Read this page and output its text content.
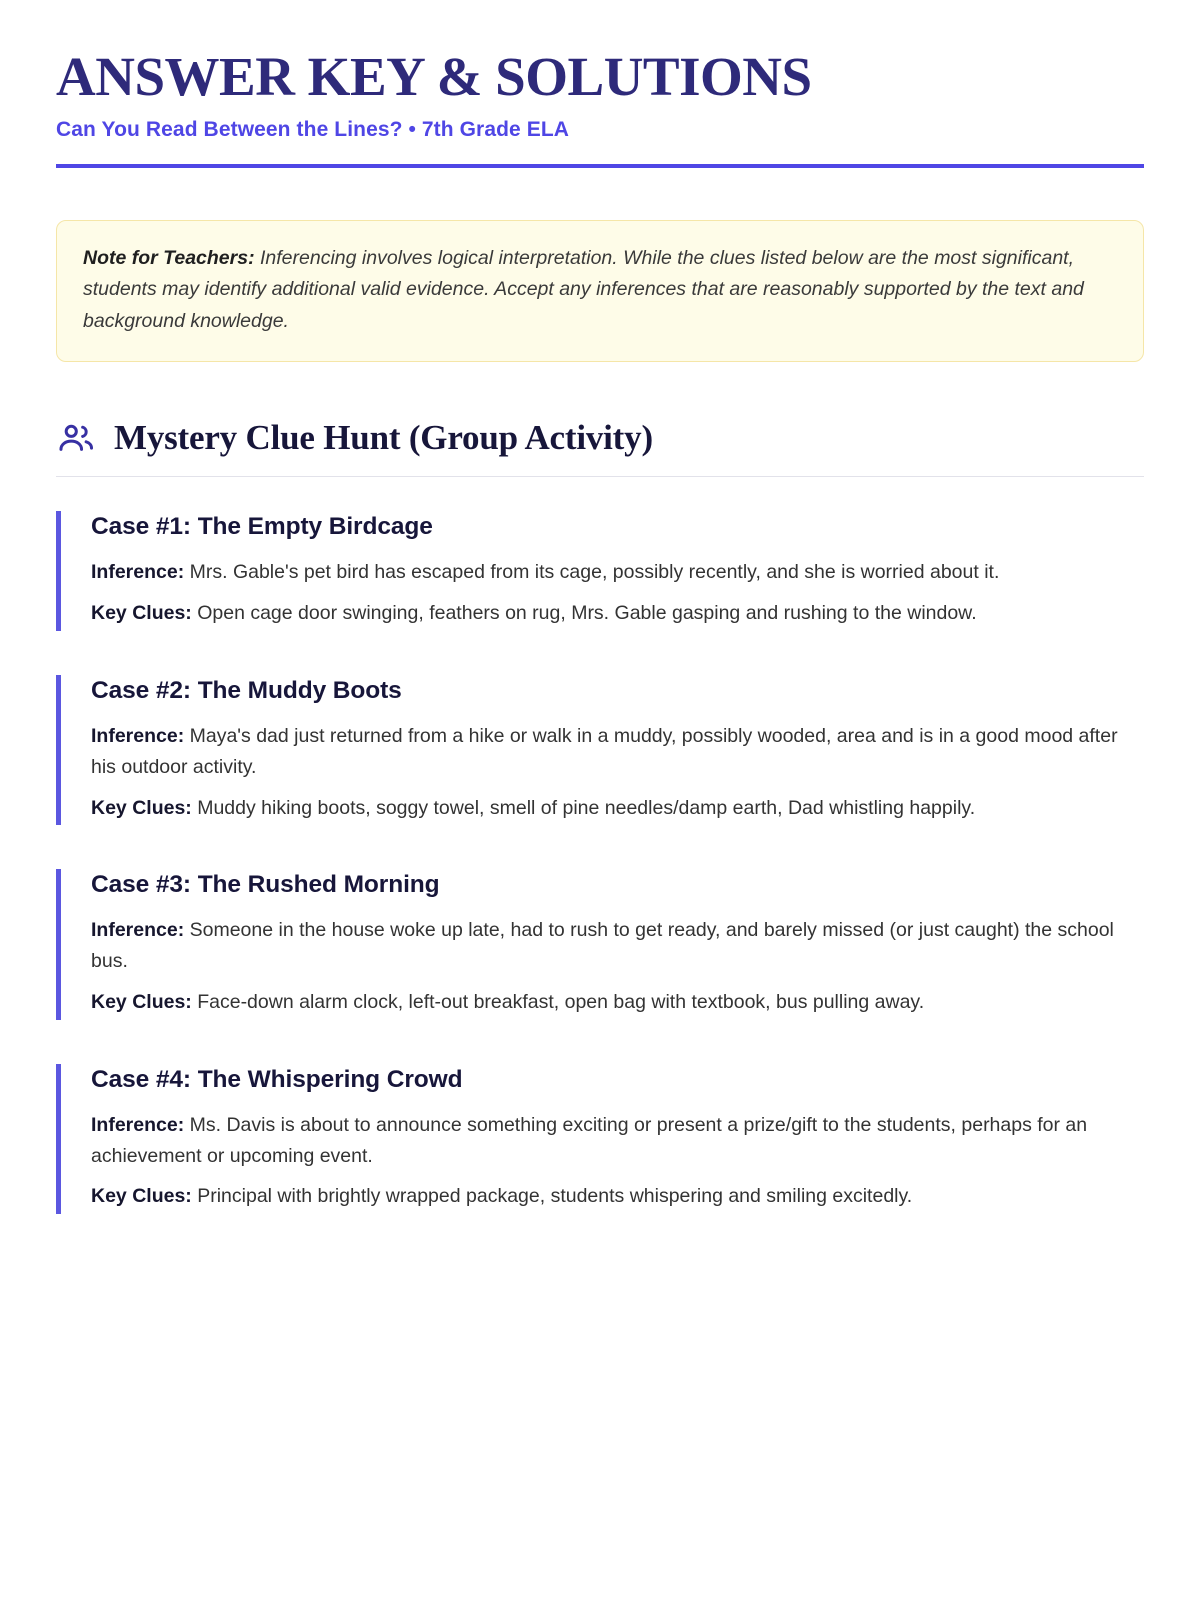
ANSWER KEY & SOLUTIONS
Can You Read Between the Lines? • 7th Grade ELA

Note for Teachers: Inferencing involves logical interpretation. While the clues listed below are the most significant, students may identify additional valid evidence. Accept any inferences that are reasonably supported by the text and background knowledge.

Mystery Clue Hunt (Group Activity)
Case #1: The Empty Birdcage

Inference: Mrs. Gable's pet bird has escaped from its cage, possibly recently, and she is worried about it.

Key Clues: Open cage door swinging, feathers on rug, Mrs. Gable gasping and rushing to the window.

Case #2: The Muddy Boots

Inference: Maya's dad just returned from a hike or walk in a muddy, possibly wooded, area and is in a good mood after his outdoor activity.

Key Clues: Muddy hiking boots, soggy towel, smell of pine needles/damp earth, Dad whistling happily.

Case #3: The Rushed Morning

Inference: Someone in the house woke up late, had to rush to get ready, and barely missed (or just caught) the school bus.

Key Clues: Face-down alarm clock, left-out breakfast, open bag with textbook, bus pulling away.

Case #4: The Whispering Crowd

Inference: Ms. Davis is about to announce something exciting or present a prize/gift to the students, perhaps for an achievement or upcoming event.

Key Clues: Principal with brightly wrapped package, students whispering and smiling excitedly.
